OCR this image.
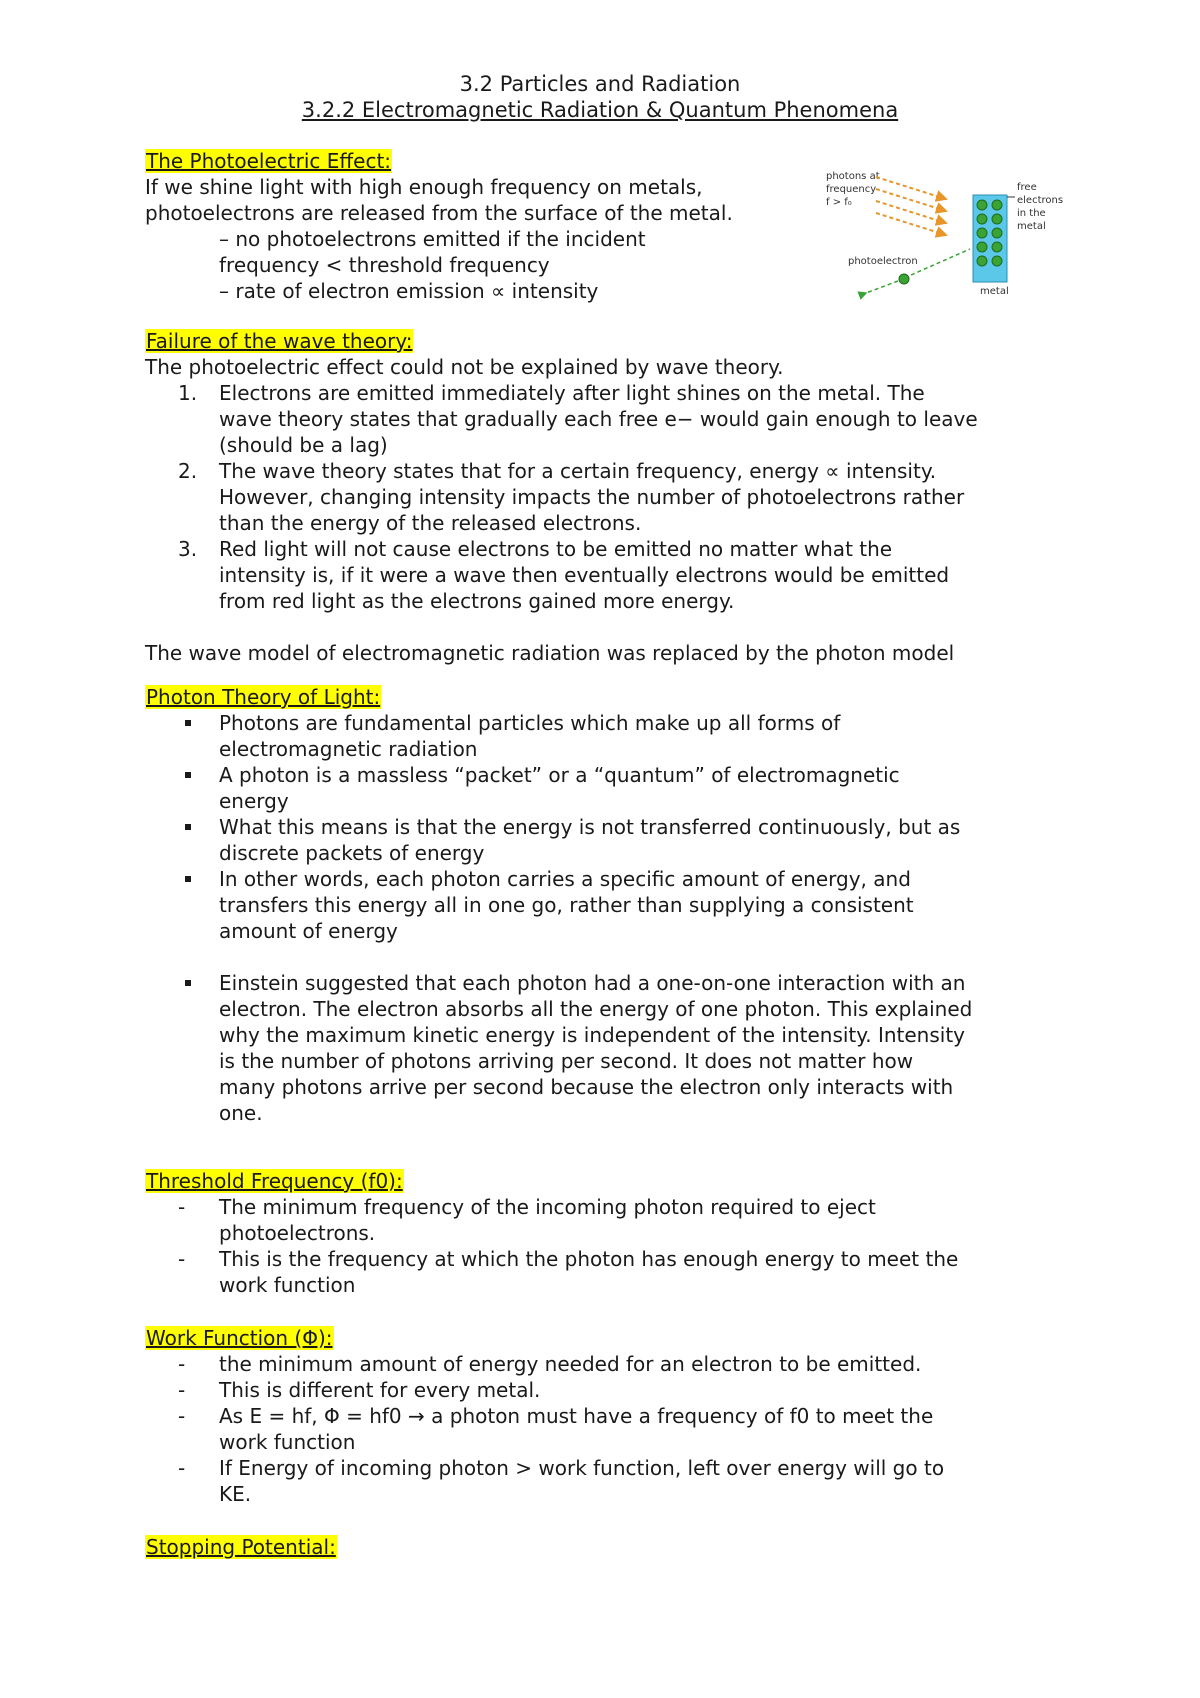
3.2 Particles and Radiation
3.2.2 Electromagnetic Radiation & Quantum Phenomena
The Photoelectric Effect:
If we shine light with high enough frequency on metals,
photoelectrons are released from the surface of the metal.
– no photoelectrons emitted if the incident
frequency < threshold frequency
– rate of electron emission ∝ intensity
photons at
frequency
f > f₀
metal
free
electrons
in the
metal
photoelectron
Failure of the wave theory:
The photoelectric effect could not be explained by wave theory.
1.	Electrons are emitted immediately after light shines on the metal. The
wave theory states that gradually each free e− would gain enough to leave
(should be a lag)
2.	The wave theory states that for a certain frequency, energy ∝ intensity.
However, changing intensity impacts the number of photoelectrons rather
than the energy of the released electrons.
3.	Red light will not cause electrons to be emitted no matter what the
intensity is, if it were a wave then eventually electrons would be emitted
from red light as the electrons gained more energy.
The wave model of electromagnetic radiation was replaced by the photon model
Photon Theory of Light:
Photons are fundamental particles which make up all forms of
electromagnetic radiation
A photon is a massless “packet” or a “quantum” of electromagnetic
energy
What this means is that the energy is not transferred continuously, but as
discrete packets of energy
In other words, each photon carries a specific amount of energy, and
transfers this energy all in one go, rather than supplying a consistent
amount of energy
Einstein suggested that each photon had a one-on-one interaction with an
electron. The electron absorbs all the energy of one photon. This explained
why the maximum kinetic energy is independent of the intensity. Intensity
is the number of photons arriving per second. It does not matter how
many photons arrive per second because the electron only interacts with
one.
Threshold Frequency (f0):
-	The minimum frequency of the incoming photon required to eject
photoelectrons.
-	This is the frequency at which the photon has enough energy to meet the
work function
Work Function (Φ):
-	the minimum amount of energy needed for an electron to be emitted.
-	This is different for every metal.
-	As E = hf, Φ = hf0 → a photon must have a frequency of f0 to meet the
work function
-	If Energy of incoming photon > work function, left over energy will go to
KE.
Stopping Potential:
